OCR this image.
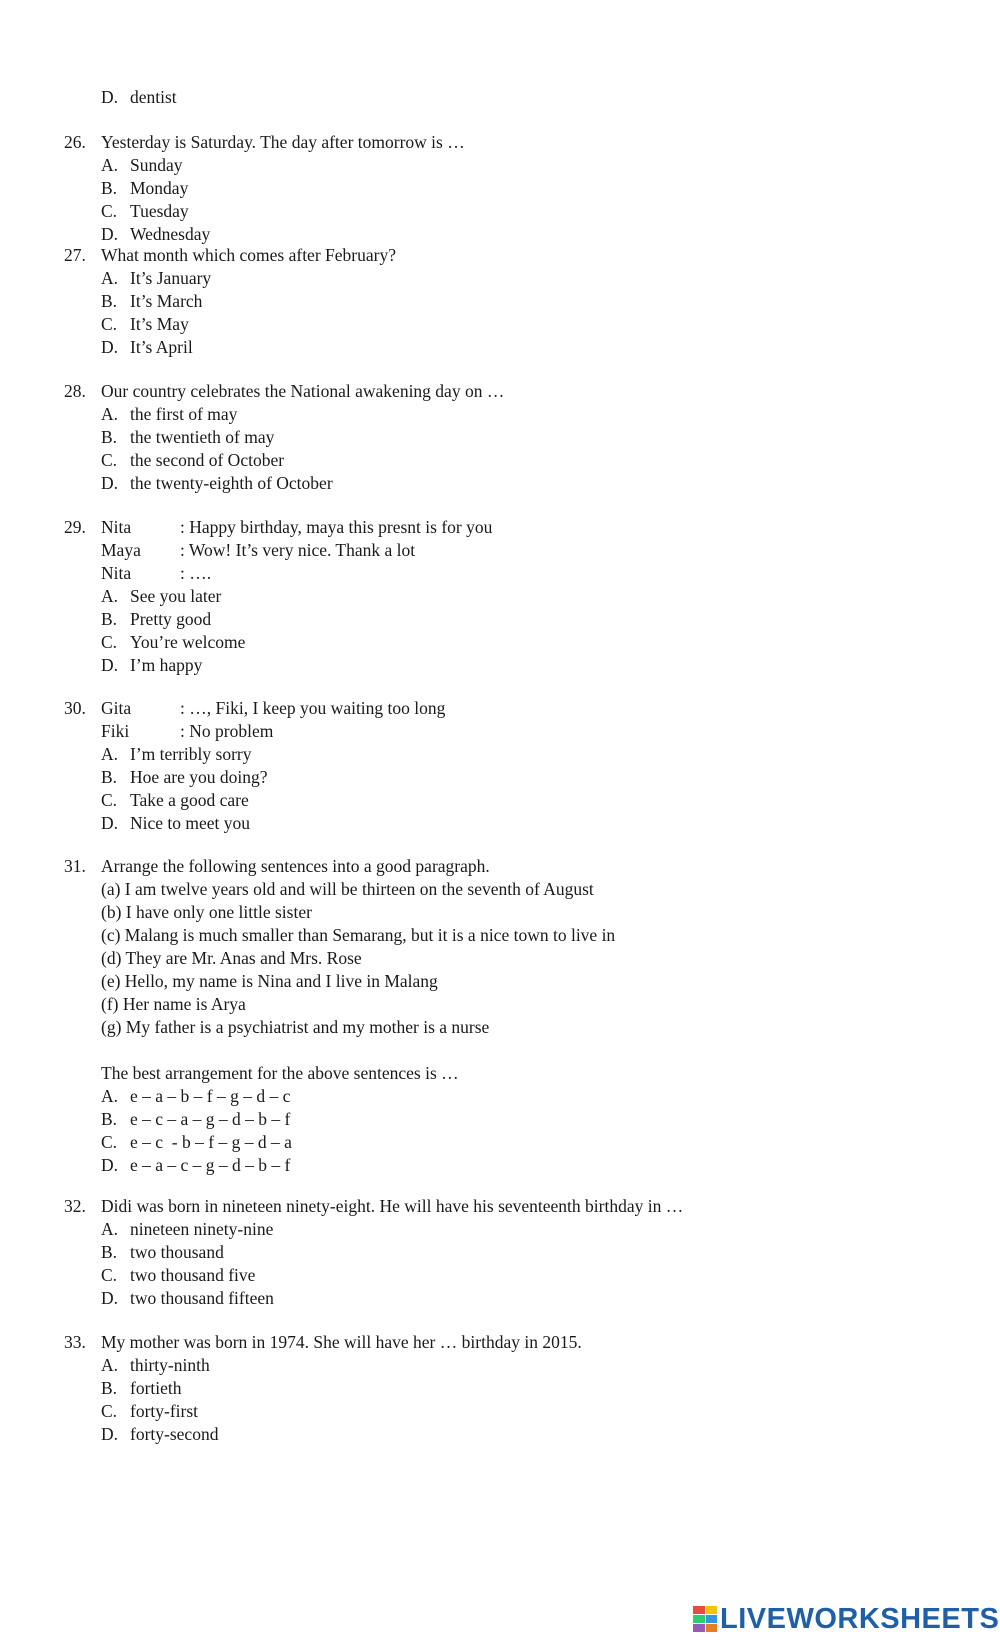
D. dentist
26. Yesterday is Saturday. The day after tomorrow is …
A. Sunday
B. Monday
C. Tuesday
D. Wednesday
27. What month which comes after February?
A. It’s January
B. It’s March
C. It’s May
D. It’s April
28. Our country celebrates the National awakening day on …
A. the first of may
B. the twentieth of may
C. the second of October
D. the twenty-eighth of October
29. Nita	: Happy birthday, maya this presnt is for you
Maya : Wow! It’s very nice. Thank a lot
Nita	: ….
A. See you later
B. Pretty good
C. You’re welcome
D. I’m happy
30. Gita	: …, Fiki, I keep you waiting too long
Fiki	: No problem
A. I’m terribly sorry
B. Hoe are you doing?
C. Take a good care
D. Nice to meet you
31. Arrange the following sentences into a good paragraph.
(a) I am twelve years old and will be thirteen on the seventh of August
(b) I have only one little sister
(c) Malang is much smaller than Semarang, but it is a nice town to live in
(d) They are Mr. Anas and Mrs. Rose
(e) Hello, my name is Nina and I live in Malang
(f) Her name is Arya
(g) My father is a psychiatrist and my mother is a nurse
The best arrangement for the above sentences is …
A. e – a – b – f – g – d – c
B. e – c – a – g – d – b – f
C. e – c  - b – f – g – d – a
D. e – a – c – g – d – b – f
32. Didi was born in nineteen ninety-eight. He will have his seventeenth birthday in …
A. nineteen ninety-nine
B. two thousand
C. two thousand five
D. two thousand fifteen
33. My mother was born in 1974. She will have her … birthday in 2015.
A. thirty-ninth
B. fortieth
C. forty-first
D. forty-second
LIVEWORKSHEETS
